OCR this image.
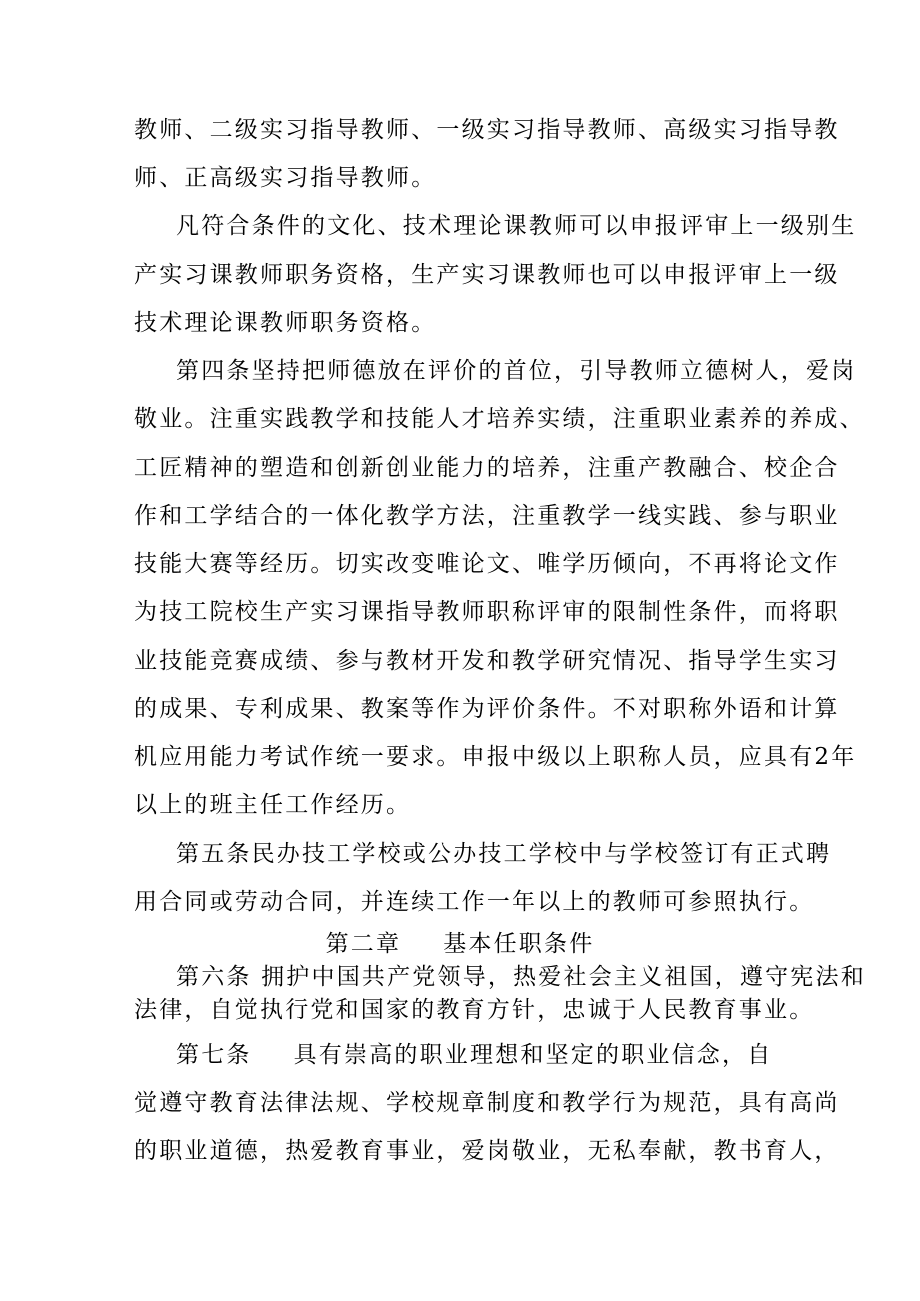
教师、二级实习指导教师、一级实习指导教师、高级实习指导教
师、正高级实习指导教师。
凡符合条件的文化、技术理论课教师可以申报评审上一级别生
产实习课教师职务资格，生产实习课教师也可以申报评审上一级
技术理论课教师职务资格。
第四条坚持把师德放在评价的首位，引导教师立德树人，爱岗
敬业。注重实践教学和技能人才培养实绩，注重职业素养的养成、
工匠精神的塑造和创新创业能力的培养，注重产教融合、校企合
作和工学结合的一体化教学方法，注重教学一线实践、参与职业
技能大赛等经历。切实改变唯论文、唯学历倾向，不再将论文作
为技工院校生产实习课指导教师职称评审的限制性条件，而将职
业技能竞赛成绩、参与教材开发和教学研究情况、指导学生实习
的成果、专利成果、教案等作为评价条件。不对职称外语和计算
机应用能力考试作统一要求。申报中级以上职称人员，应具有2年
以上的班主任工作经历。
第五条民办技工学校或公办技工学校中与学校签订有正式聘
用合同或劳动合同，并连续工作一年以上的教师可参照执行。
第二章 基本任职条件
第六条 拥护中国共产党领导，热爱社会主义祖国，遵守宪法和
法律，自觉执行党和国家的教育方针，忠诚于人民教育事业。
第七条 具有崇高的职业理想和坚定的职业信念，自
觉遵守教育法律法规、学校规章制度和教学行为规范，具有高尚
的职业道德，热爱教育事业，爱岗敬业，无私奉献，教书育人，
